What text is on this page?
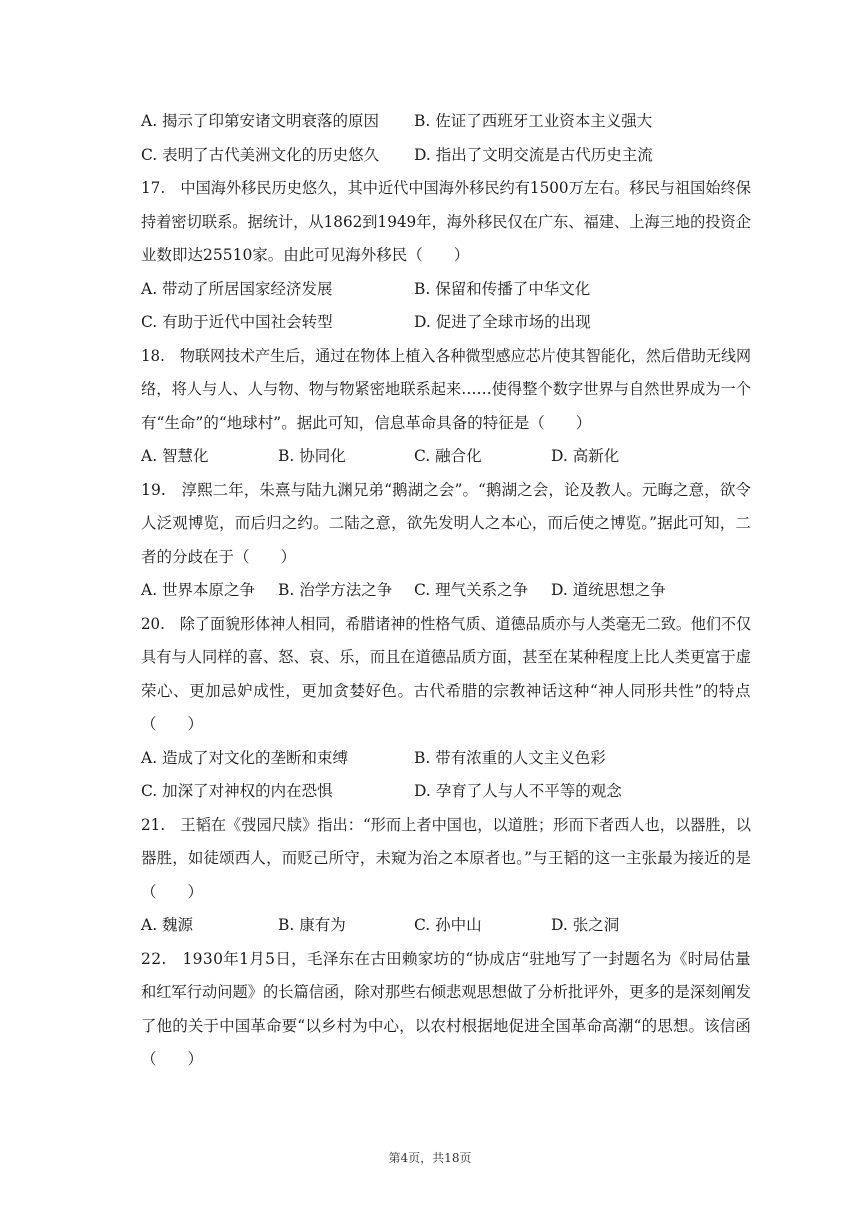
A. 揭示了印第安诸文明衰落的原因 B. 佐证了西班牙工业资本主义强大
C. 表明了古代美洲文化的历史悠久 D. 指出了文明交流是古代历史主流
17.　中国海外移民历史悠久，其中近代中国海外移民约有1500万左右。移民与祖国始终保
持着密切联系。据统计，从1862到1949年，海外移民仅在广东、福建、上海三地的投资企
业数即达25510家。由此可见海外移民（　　）
A. 带动了所居国家经济发展	B. 保留和传播了中华文化
C. 有助于近代中国社会转型	D. 促进了全球市场的出现
18.　物联网技术产生后，通过在物体上植入各种微型感应芯片使其智能化，然后借助无线网
络，将人与人、人与物、物与物紧密地联系起来……使得整个数字世界与自然世界成为一个
有“生命”的“地球村”。据此可知，信息革命具备的特征是（　　）
A. 智慧化	B. 协同化	C. 融合化	D. 高新化
19.　淳熙二年，朱熹与陆九渊兄弟“鹅湖之会”。“鹅湖之会，论及教人。元晦之意，欲令
人泛观博览，而后归之约。二陆之意，欲先发明人之本心，而后使之博览。”据此可知，二
者的分歧在于（　　）
A. 世界本原之争 B. 治学方法之争 C. 理气关系之争 D. 道统思想之争
20.　除了面貌形体神人相同，希腊诸神的性格气质、道德品质亦与人类毫无二致。他们不仅
具有与人同样的喜、怒、哀、乐，而且在道德品质方面，甚至在某种程度上比人类更富于虚
荣心、更加忌妒成性，更加贪婪好色。古代希腊的宗教神话这种“神人同形共性”的特点
（　　）
A. 造成了对文化的垄断和束缚	B. 带有浓重的人文主义色彩
C. 加深了对神权的内在恐惧	D. 孕育了人与人不平等的观念
21.　王韬在《弢园尺牍》指出：“形而上者中国也，以道胜；形而下者西人也，以器胜，以
器胜，如徒颂西人，而贬己所守，未窥为治之本原者也。”与王韬的这一主张最为接近的是
（　　）
A. 魏源	B. 康有为	C. 孙中山	D. 张之洞
22.　1930年1月5日，毛泽东在古田赖家坊的“协成店“驻地写了一封题名为《时局估量
和红军行动问题》的长篇信函，除对那些右倾悲观思想做了分析批评外，更多的是深刻阐发
了他的关于中国革命要“以乡村为中心，以农村根据地促进全国革命高潮“的思想。该信函
（　　）
第4页，共18页
